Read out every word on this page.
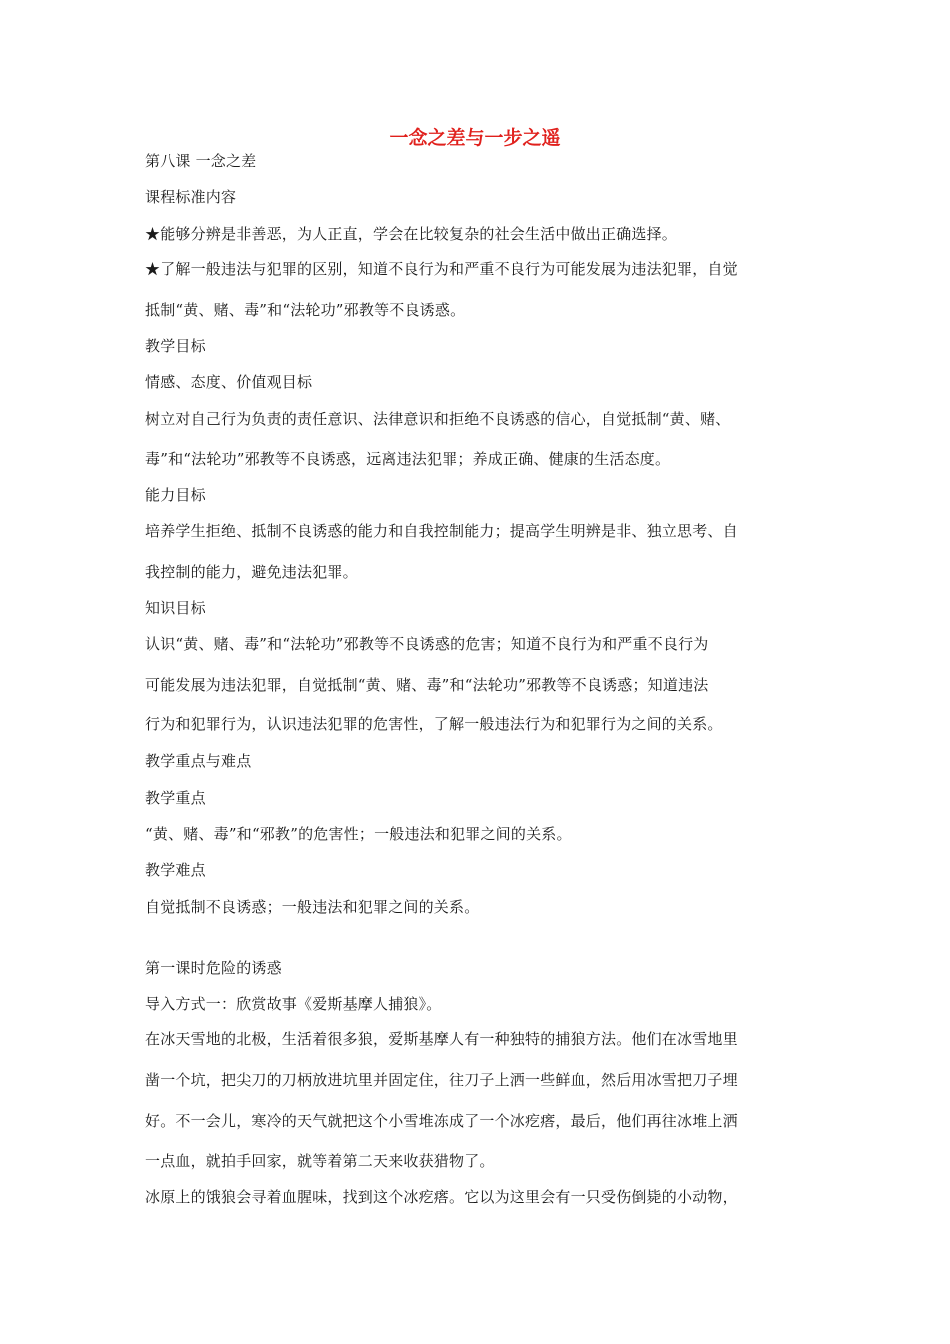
一念之差与一步之遥
第八课 一念之差
课程标准内容
★能够分辨是非善恶，为人正直，学会在比较复杂的社会生活中做出正确选择。
★了解一般违法与犯罪的区别，知道不良行为和严重不良行为可能发展为违法犯罪，自觉
抵制“黄、赌、毒”和“法轮功”邪教等不良诱惑。
教学目标
情感、态度、价值观目标
树立对自己行为负责的责任意识、法律意识和拒绝不良诱惑的信心，自觉抵制“黄、赌、
毒”和“法轮功”邪教等不良诱惑，远离违法犯罪；养成正确、健康的生活态度。
能力目标
培养学生拒绝、抵制不良诱惑的能力和自我控制能力；提高学生明辨是非、独立思考、自
我控制的能力，避免违法犯罪。
知识目标
认识“黄、赌、毒”和“法轮功”邪教等不良诱惑的危害；知道不良行为和严重不良行为
可能发展为违法犯罪，自觉抵制“黄、赌、毒”和“法轮功”邪教等不良诱惑；知道违法
行为和犯罪行为，认识违法犯罪的危害性，了解一般违法行为和犯罪行为之间的关系。
教学重点与难点
教学重点
“黄、赌、毒”和“邪教”的危害性；一般违法和犯罪之间的关系。
教学难点
自觉抵制不良诱惑；一般违法和犯罪之间的关系。
第一课时危险的诱惑
导入方式一：欣赏故事《爱斯基摩人捕狼》。
在冰天雪地的北极，生活着很多狼，爱斯基摩人有一种独特的捕狼方法。他们在冰雪地里
凿一个坑，把尖刀的刀柄放进坑里并固定住，往刀子上洒一些鲜血，然后用冰雪把刀子埋
好。不一会儿，寒冷的天气就把这个小雪堆冻成了一个冰疙瘩，最后，他们再往冰堆上洒
一点血，就拍手回家，就等着第二天来收获猎物了。
冰原上的饿狼会寻着血腥味，找到这个冰疙瘩。它以为这里会有一只受伤倒毙的小动物，
